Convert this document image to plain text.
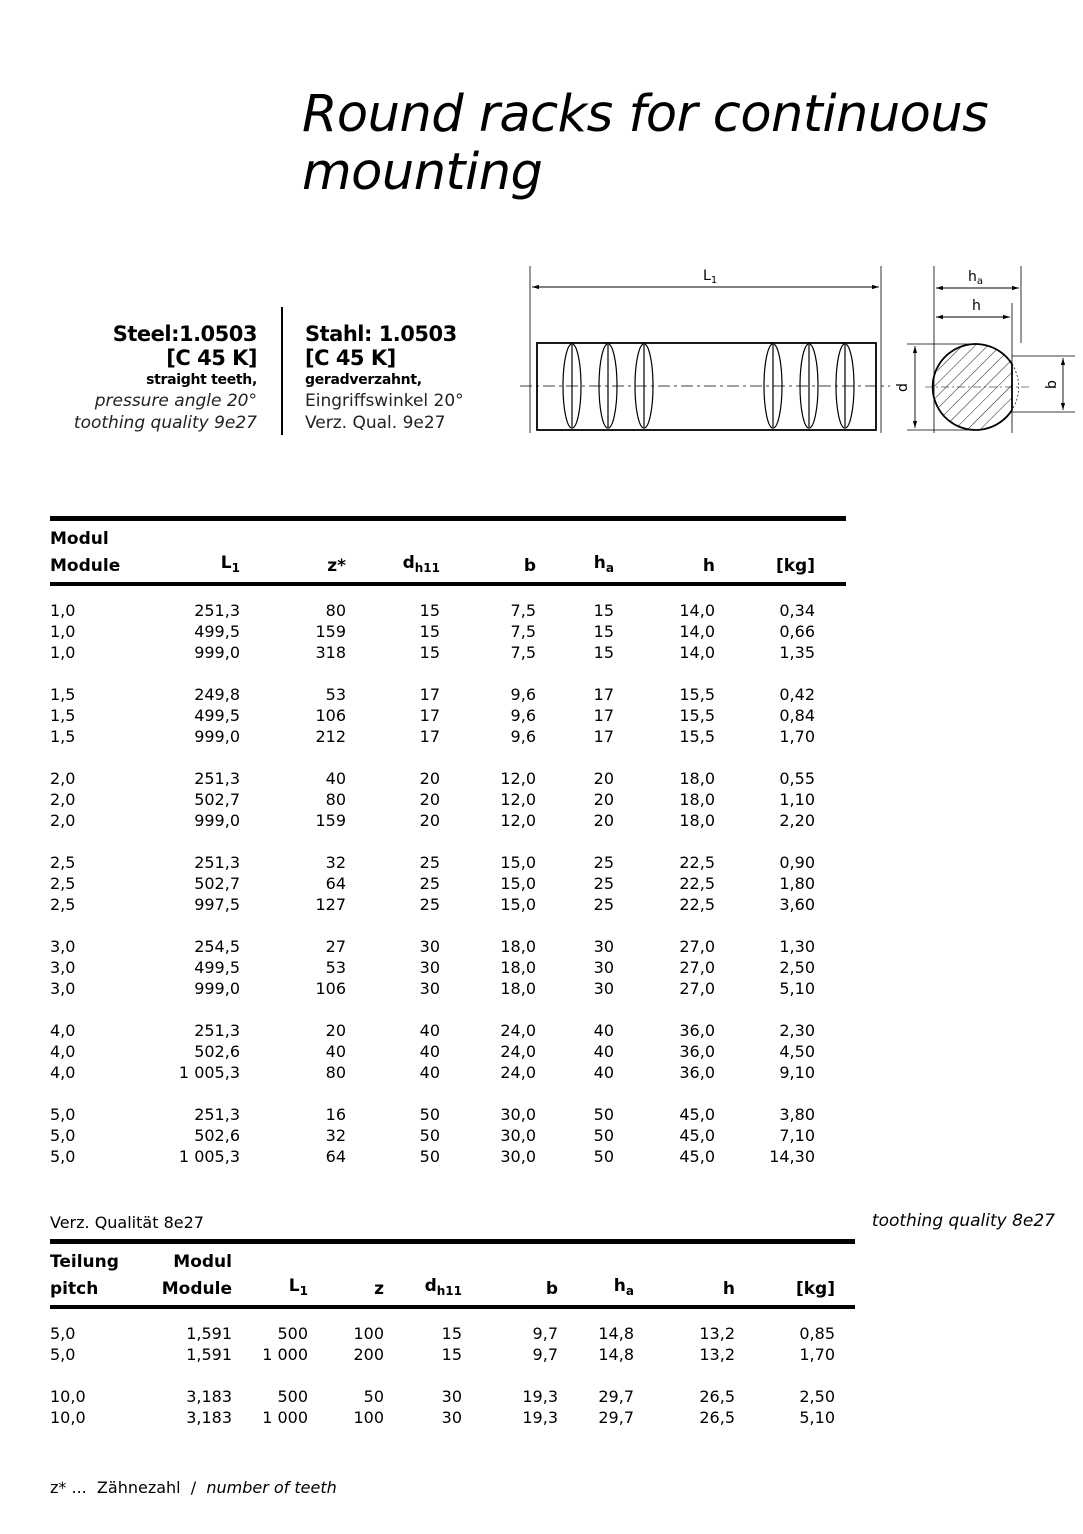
Round racks for continuous
mounting
Steel:1.0503
[C 45 K]
straight teeth,
pressure angle 20°
toothing quality 9e27
Stahl: 1.0503
[C 45 K]
geradverzahnt,
Eingriffswinkel 20°
Verz. Qual. 9e27
$L_1$	$h_a$
h
d	b
Modul								
Module	$L_1$	z*	$d_{h11}$	b	$h_a$	h	[kg]	
1,0	251,3	80	15	7,5	15	14,0	0,34	
1,0	499,5	159	15	7,5	15	14,0	0,66	
1,0	999,0	318	15	7,5	15	14,0	1,35	
1,5	249,8	53	17	9,6	17	15,5	0,42	
1,5	499,5	106	17	9,6	17	15,5	0,84	
1,5	999,0	212	17	9,6	17	15,5	1,70	
2,0	251,3	40	20	12,0	20	18,0	0,55	
2,0	502,7	80	20	12,0	20	18,0	1,10	
2,0	999,0	159	20	12,0	20	18,0	2,20	
2,5	251,3	32	25	15,0	25	22,5	0,90	
2,5	502,7	64	25	15,0	25	22,5	1,80	
2,5	997,5	127	25	15,0	25	22,5	3,60	
3,0	254,5	27	30	18,0	30	27,0	1,30	
3,0	499,5	53	30	18,0	30	27,0	2,50	
3,0	999,0	106	30	18,0	30	27,0	5,10	
4,0	251,3	20	40	24,0	40	36,0	2,30	
4,0	502,6	40	40	24,0	40	36,0	4,50	
4,0	1 005,3	80	40	24,0	40	36,0	9,10	
5,0	251,3	16	50	30,0	50	45,0	3,80	
5,0	502,6	32	50	30,0	50	45,0	7,10	
5,0	1 005,3	64	50	30,0	50	45,0	14,30	
Verz. Qualität 8e27	toothing quality 8e27
Teilung	Modul								
pitch	Module	$L_1$	z	$d_{h11}$	b	$h_a$	h	[kg]	
5,0	1,591	500	100	15	9,7	14,8	13,2	0,85	
5,0	1,591	1 000	200	15	9,7	14,8	13,2	1,70	
10,0	3,183	500	50	30	19,3	29,7	26,5	2,50	
10,0	3,183	1 000	100	30	19,3	29,7	26,5	5,10	
z* ... Zähnezahl / number of teeth
